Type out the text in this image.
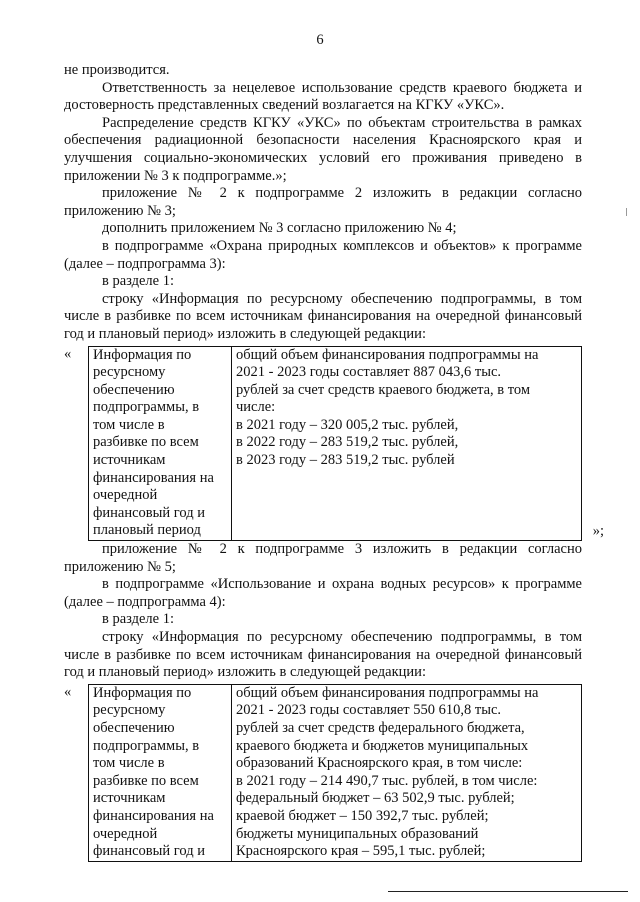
6

не производится.

Ответственность за нецелевое использование средств краевого бюджета и достоверность представленных сведений возлагается на КГКУ «УКС».

Распределение средств КГКУ «УКС» по объектам строительства в рамках обеспечения радиационной безопасности населения Красноярского края и улучшения социально-экономических условий его проживания приведено в приложении № 3 к подпрограмме.»;

приложение № 2 к подпрограмме 2 изложить в редакции согласно приложению № 3;

дополнить приложением № 3 согласно приложению № 4;

в подпрограмме «Охрана природных комплексов и объектов» к программе (далее – подпрограмма 3):

в разделе 1:

строку «Информация по ресурсному обеспечению подпрограммы, в том числе в разбивке по всем источникам финансирования на очередной финансовый год и плановый период» изложить в следующей редакции:

« Информация по
ресурсному
обеспечению
подпрограммы, в
том числе в
разбивке по всем
источникам
финансирования на
очередной
финансовый год и
плановый период

общий объем финансирования подпрограммы на
2021 - 2023 годы составляет 887 043,6 тыс.
рублей за счет средств краевого бюджета, в том
числе:
в 2021 году – 320 005,2 тыс. рублей,
в 2022 году – 283 519,2 тыс. рублей,
в 2023 году – 283 519,2 тыс. рублей
»;

приложение № 2 к подпрограмме 3 изложить в редакции согласно приложению № 5;

в подпрограмме «Использование и охрана водных ресурсов» к программе (далее – подпрограмма 4):

в разделе 1:

строку «Информация по ресурсному обеспечению подпрограммы, в том числе в разбивке по всем источникам финансирования на очередной финансовый год и плановый период» изложить в следующей редакции:

« Информация по
ресурсному
обеспечению
подпрограммы, в
том числе в
разбивке по всем
источникам
финансирования на
очередной
финансовый год и

общий объем финансирования подпрограммы на
2021 - 2023 годы составляет 550 610,8 тыс.
рублей за счет средств федерального бюджета,
краевого бюджета и бюджетов муниципальных
образований Красноярского края, в том числе:
в 2021 году – 214 490,7 тыс. рублей, в том числе:
федеральный бюджет – 63 502,9 тыс. рублей;
краевой бюджет – 150 392,7 тыс. рублей;
бюджеты муниципальных образований
Красноярского края – 595,1 тыс. рублей;
